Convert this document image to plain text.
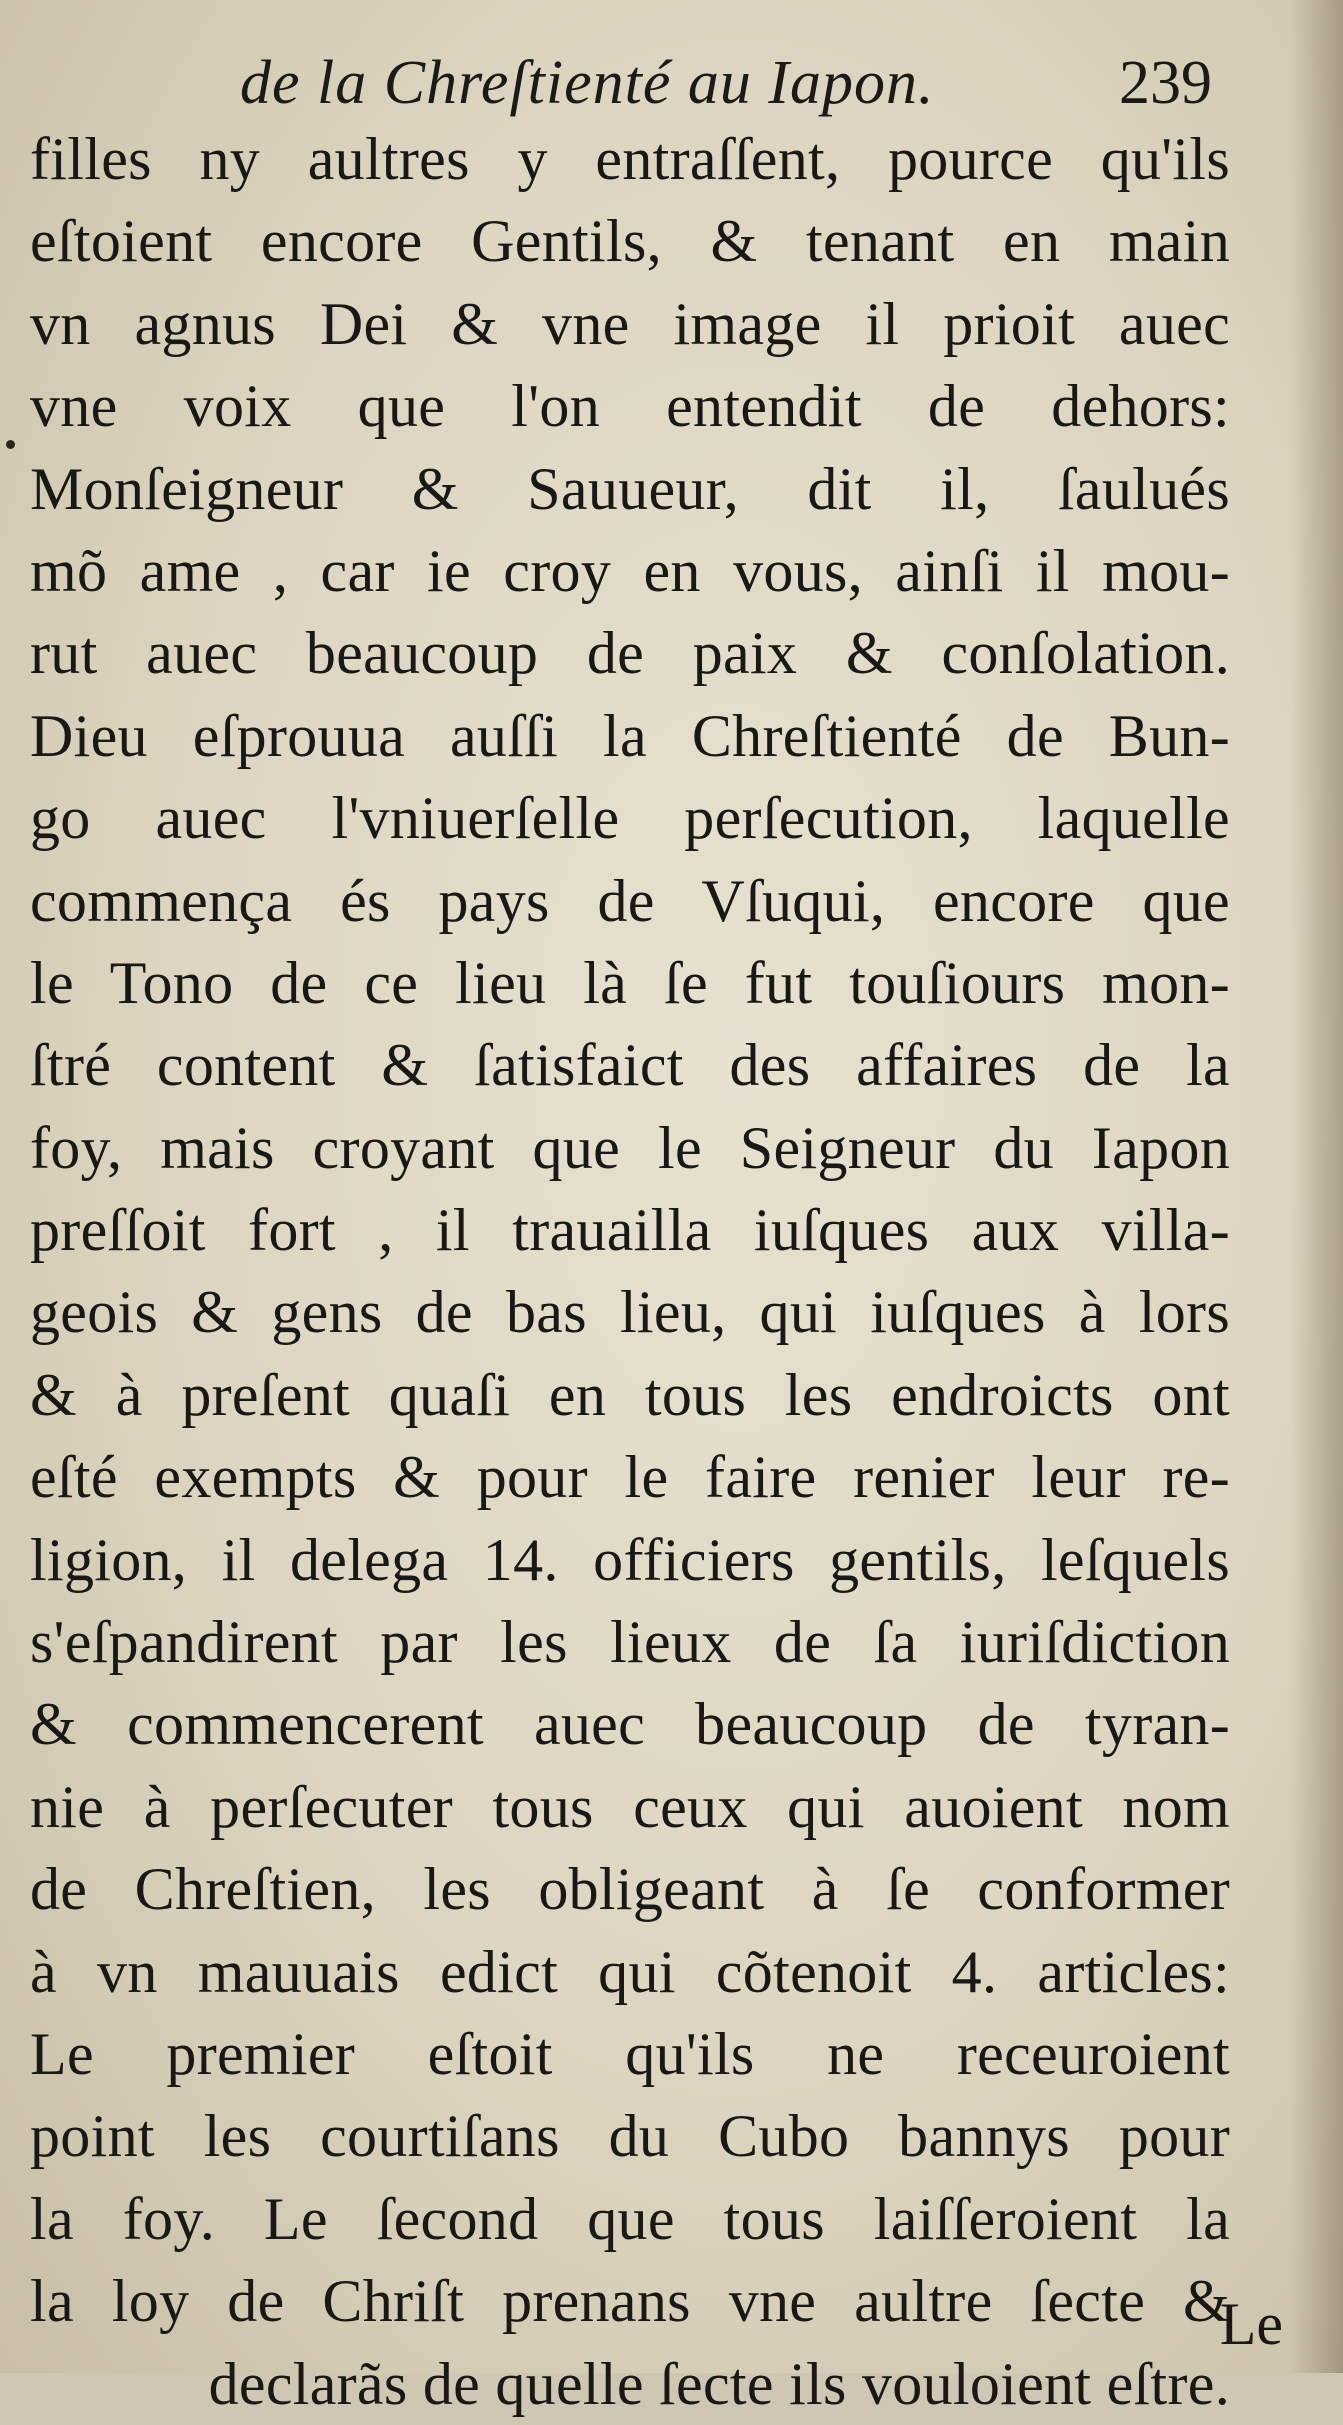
de la Chreſtienté au Iapon.	239
filles ny aultres y entraſſent, pource qu'ils
eſtoient encore Gentils, & tenant en main
vn agnus Dei & vne image il prioit auec
vne voix que l'on entendit de dehors:
Monſeigneur & Sauueur, dit il, ſaulués
mõ ame , car ie croy en vous, ainſi il mou-
rut auec beaucoup de paix & conſolation.
Dieu eſprouua auſſi la Chreſtienté de Bun-
go auec l'vniuerſelle perſecution, laquelle
commença és pays de Vſuqui, encore que
le Tono de ce lieu là ſe fut touſiours mon-
ſtré content & ſatisfaict des affaires de la
foy, mais croyant que le Seigneur du Iapon
preſſoit fort , il trauailla iuſques aux villa-
geois & gens de bas lieu, qui iuſques à lors
& à preſent quaſi en tous les endroicts ont
eſté exempts & pour le faire renier leur re-
ligion, il delega 14. officiers gentils, leſquels
s'eſpandirent par les lieux de ſa iuriſdiction
& commencerent auec beaucoup de tyran-
nie à perſecuter tous ceux qui auoient nom
de Chreſtien, les obligeant à ſe conformer
à vn mauuais edict qui cõtenoit 4. articles:
Le premier eſtoit qu'ils ne receuroient
point les courtiſans du Cubo bannys pour
la foy. Le ſecond que tous laiſſeroient la
la loy de Chriſt prenans vne aultre ſecte &
declarãs de quelle ſecte ils vouloient eſtre.
Le
